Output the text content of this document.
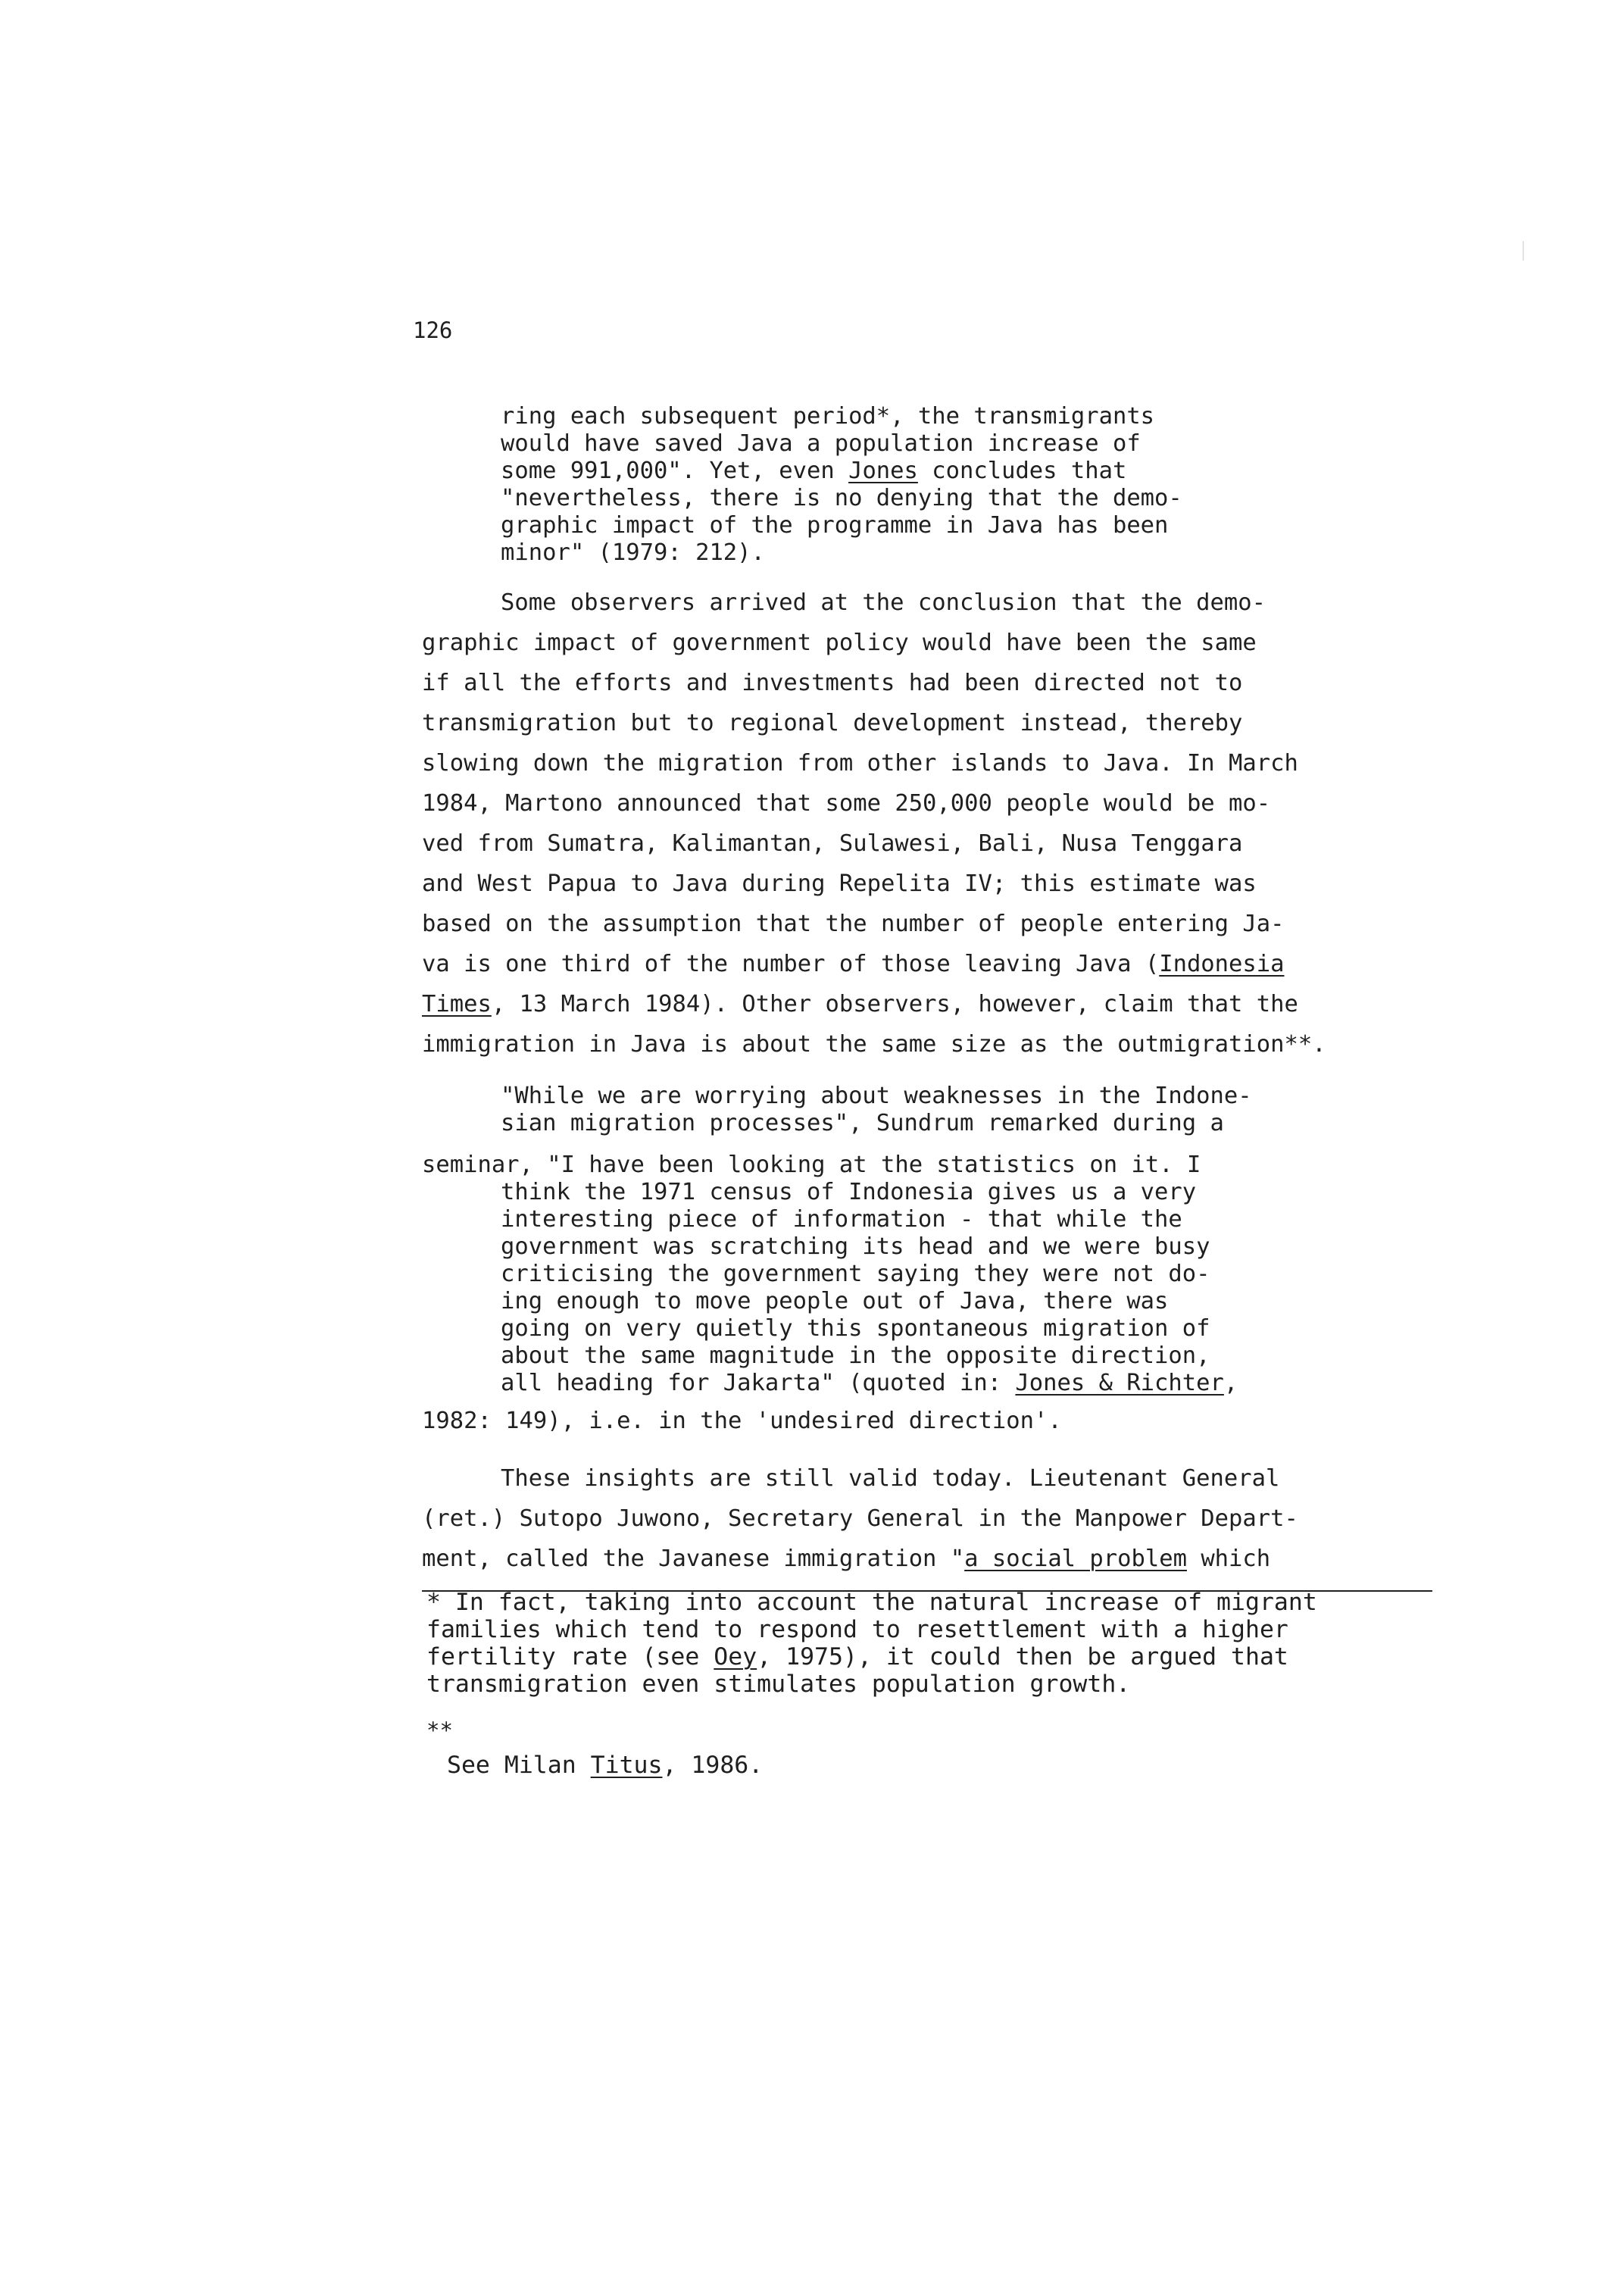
126
ring each subsequent period*, the transmigrants
would have saved Java a population increase of
some 991,000". Yet, even Jones concludes that
"nevertheless, there is no denying that the demo-
graphic impact of the programme in Java has been
minor" (1979: 212).
Some observers arrived at the conclusion that the demo-
graphic impact of government policy would have been the same
if all the efforts and investments had been directed not to
transmigration but to regional development instead, thereby
slowing down the migration from other islands to Java. In March
1984, Martono announced that some 250,000 people would be mo-
ved from Sumatra, Kalimantan, Sulawesi, Bali, Nusa Tenggara
and West Papua to Java during Repelita IV; this estimate was
based on the assumption that the number of people entering Ja-
va is one third of the number of those leaving Java (Indonesia
Times, 13 March 1984). Other observers, however, claim that the
immigration in Java is about the same size as the outmigration**.
"While we are worrying about weaknesses in the Indone-
sian migration processes", Sundrum remarked during a
seminar, "I have been looking at the statistics on it. I
think the 1971 census of Indonesia gives us a very
interesting piece of information - that while the
government was scratching its head and we were busy
criticising the government saying they were not do-
ing enough to move people out of Java, there was
going on very quietly this spontaneous migration of
about the same magnitude in the opposite direction,
all heading for Jakarta" (quoted in: Jones & Richter,
1982: 149), i.e. in the 'undesired direction'.
These insights are still valid today. Lieutenant General
(ret.) Sutopo Juwono, Secretary General in the Manpower Depart-
ment, called the Javanese immigration "a social problem which
* In fact, taking into account the natural increase of migrant
families which tend to respond to resettlement with a higher
fertility rate (see Oey, 1975), it could then be argued that
transmigration even stimulates population growth.
**
See Milan Titus, 1986.
